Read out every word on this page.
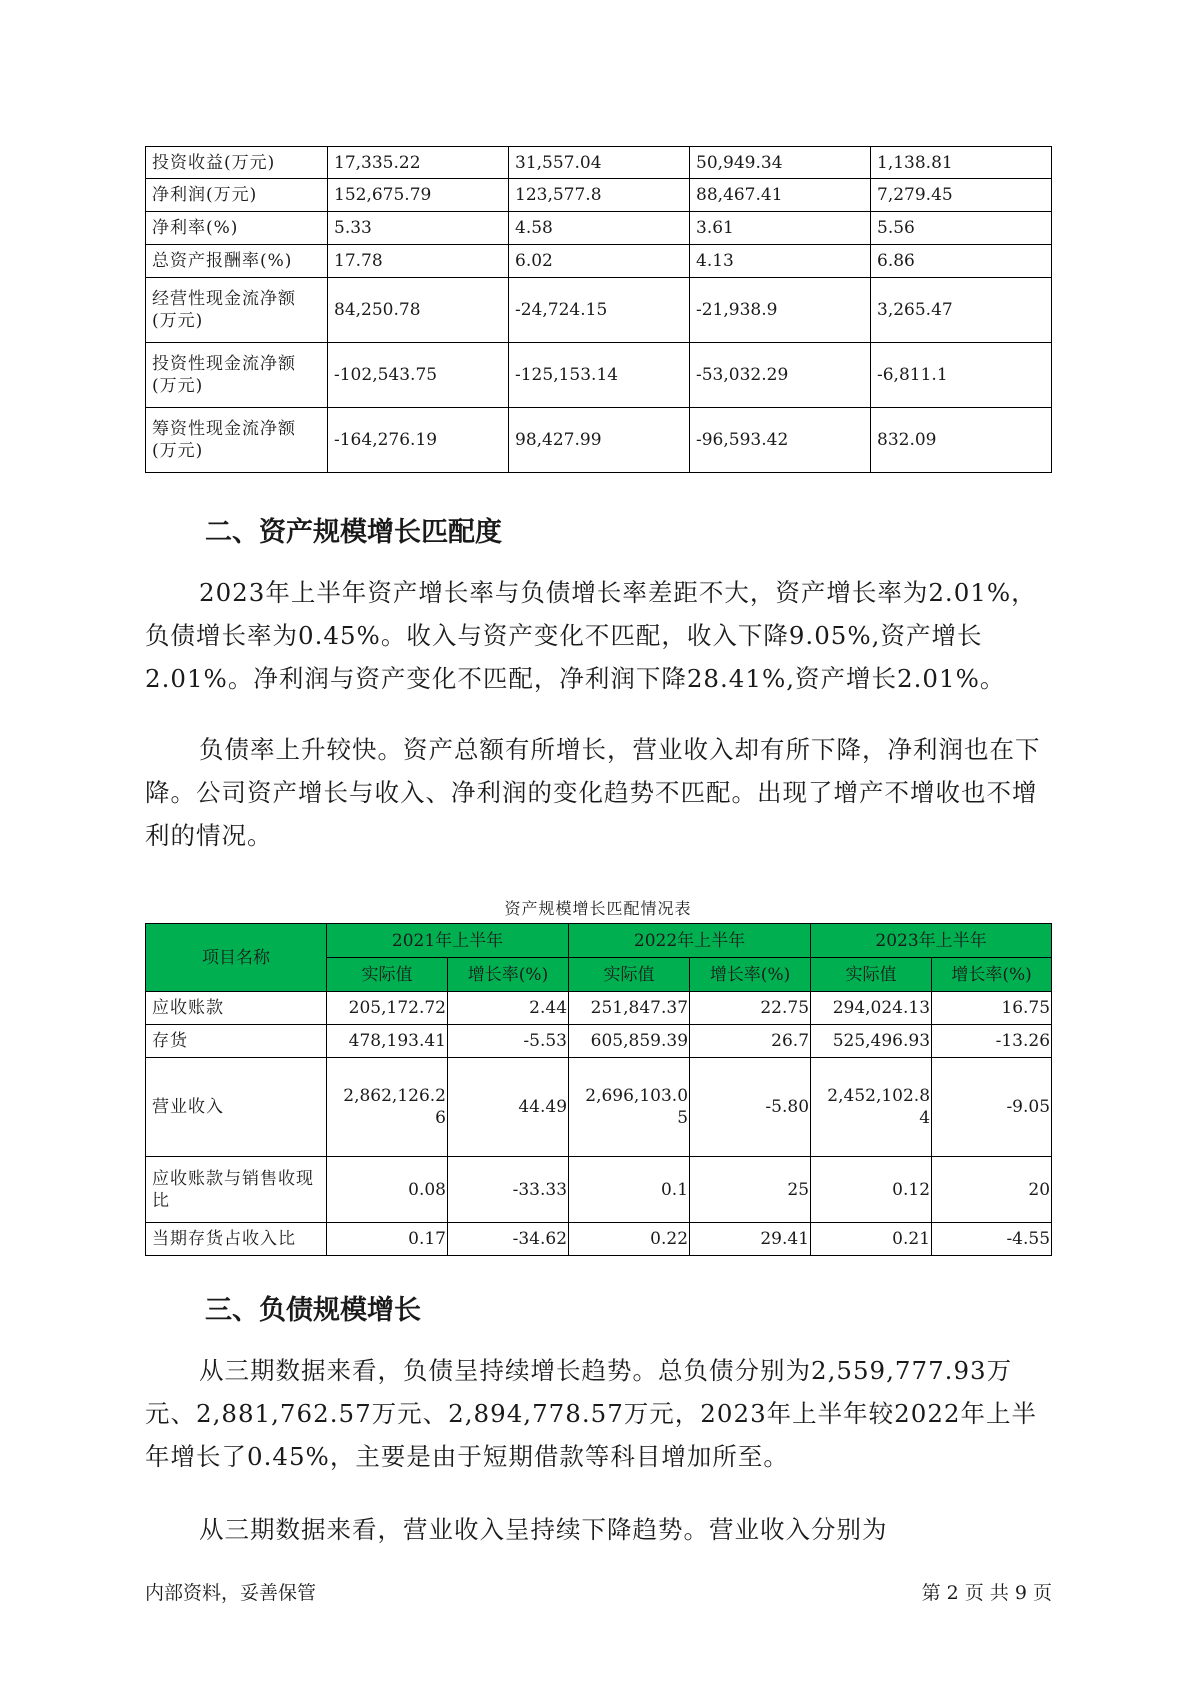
投资收益(万元)	17,335.22	31,557.04	50,949.34	1,138.81
净利润(万元)	152,675.79	123,577.8	88,467.41	7,279.45
净利率(%)	5.33	4.58	3.61	5.56
总资产报酬率(%)	17.78	6.02	4.13	6.86
经营性现金流净额(万元)	84,250.78	-24,724.15	-21,938.9	3,265.47
投资性现金流净额(万元)	-102,543.75	-125,153.14	-53,032.29	-6,811.1
筹资性现金流净额(万元)	-164,276.19	98,427.99	-96,593.42	832.09
二、资产规模增长匹配度

2023年上半年资产增长率与负债增长率差距不大，资产增长率为2.01%，负债增长率为0.45%。收入与资产变化不匹配，收入下降9.05%,资产增长2.01%。净利润与资产变化不匹配，净利润下降28.41%,资产增长2.01%。

负债率上升较快。资产总额有所增长，营业收入却有所下降，净利润也在下降。公司资产增长与收入、净利润的变化趋势不匹配。出现了增产不增收也不增利的情况。

资产规模增长匹配情况表
项目名称	2021年上半年		2022年上半年		2023年上半年	
	实际值	增长率(%)	实际值	增长率(%)	实际值	增长率(%)
应收账款	205,172.72	2.44	251,847.37	22.75	294,024.13	16.75
存货	478,193.41	-5.53	605,859.39	26.7	525,496.93	-13.26
营业收入	2,862,126.26	44.49	2,696,103.05	-5.80	2,452,102.84	-9.05
应收账款与销售收现比	0.08	-33.33	0.1	25	0.12	20
当期存货占收入比	0.17	-34.62	0.22	29.41	0.21	-4.55
三、负债规模增长

从三期数据来看，负债呈持续增长趋势。总负债分别为2,559,777.93万元、2,881,762.57万元、2,894,778.57万元，2023年上半年较2022年上半年增长了0.45%，主要是由于短期借款等科目增加所至。

从三期数据来看，营业收入呈持续下降趋势。营业收入分别为

内部资料，妥善保管	第 2 页 共 9 页
